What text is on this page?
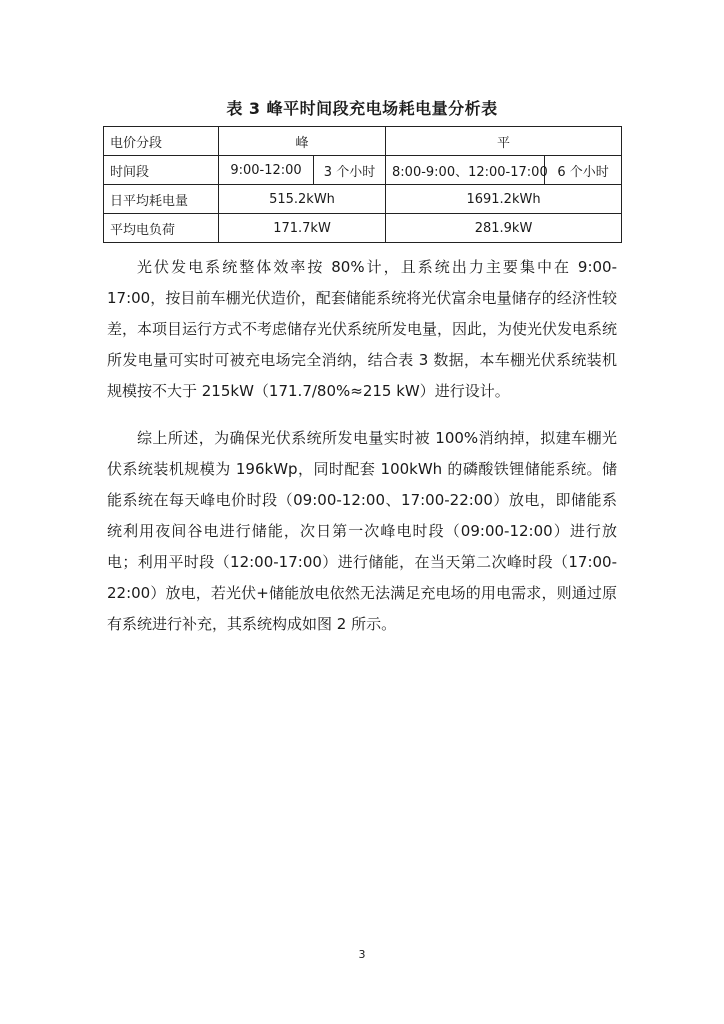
表 3 峰平时间段充电场耗电量分析表
电价分段	峰		平	
时间段	9:00-12:00	3 个小时	8:00-9:00、12:00-17:00	6 个小时
日平均耗电量	515.2kWh		1691.2kWh	
平均电负荷	171.7kW		281.9kW	

光伏发电系统整体效率按 80%计，且系统出力主要集中在 9:00-17:00，按目前车棚光伏造价，配套储能系统将光伏富余电量储存的经济性较差，本项目运行方式不考虑储存光伏系统所发电量，因此，为使光伏发电系统所发电量可实时可被充电场完全消纳，结合表 3 数据，本车棚光伏系统装机规模按不大于 215kW（171.7/80%≈215 kW）进行设计。

综上所述，为确保光伏系统所发电量实时被 100%消纳掉，拟建车棚光伏系统装机规模为 196kWp，同时配套 100kWh 的磷酸铁锂储能系统。储能系统在每天峰电价时段（09:00-12:00、17:00-22:00）放电，即储能系统利用夜间谷电进行储能，次日第一次峰电时段（09:00-12:00）进行放电；利用平时段（12:00-17:00）进行储能，在当天第二次峰时段（17:00-22:00）放电，若光伏+储能放电依然无法满足充电场的用电需求，则通过原有系统进行补充，其系统构成如图 2 所示。

3
